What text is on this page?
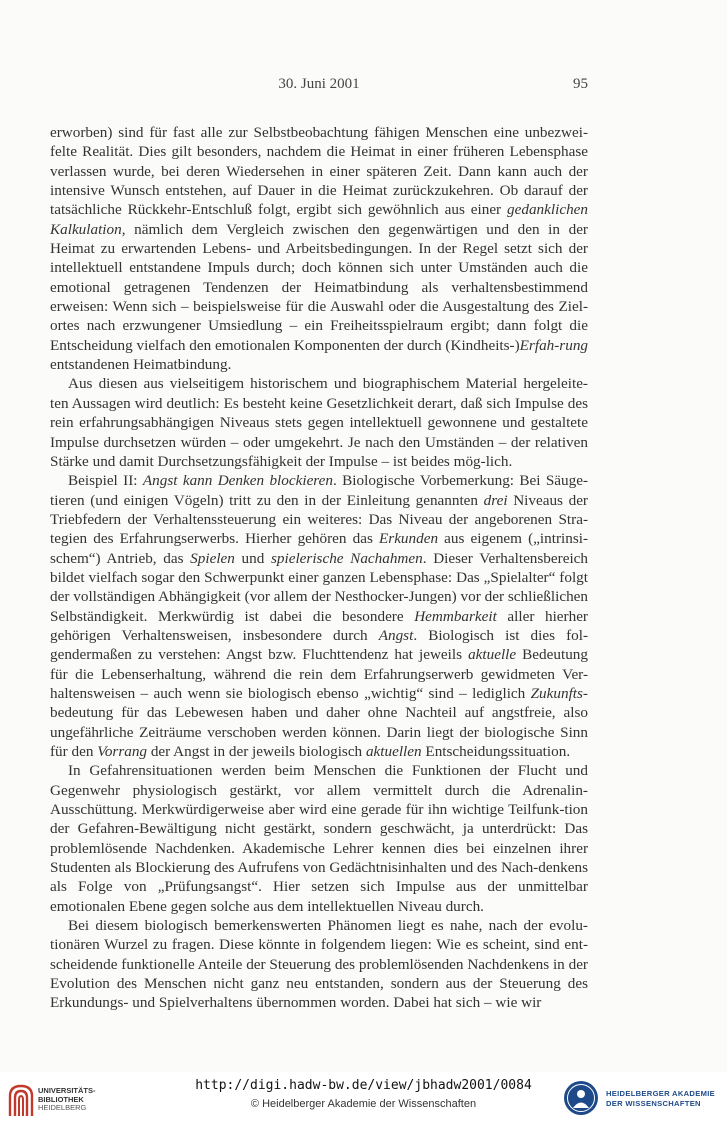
30. Juni 2001	95

erworben) sind für fast alle zur Selbstbeobachtung fähigen Menschen eine unbezwei-felte Realität. Dies gilt besonders, nachdem die Heimat in einer früheren Lebensphase verlassen wurde, bei deren Wiedersehen in einer späteren Zeit. Dann kann auch der intensive Wunsch entstehen, auf Dauer in die Heimat zurückzukehren. Ob darauf der tatsächliche Rückkehr-Entschluß folgt, ergibt sich gewöhnlich aus einer gedanklichen Kalkulation, nämlich dem Vergleich zwischen den gegenwärtigen und den in der Heimat zu erwartenden Lebens- und Arbeitsbedingungen. In der Regel setzt sich der intellektuell entstandene Impuls durch; doch können sich unter Umständen auch die emotional getragenen Tendenzen der Heimatbindung als verhaltensbestimmend erweisen: Wenn sich – beispielsweise für die Auswahl oder die Ausgestaltung des Ziel-ortes nach erzwungener Umsiedlung – ein Freiheitsspielraum ergibt; dann folgt die Entscheidung vielfach den emotionalen Komponenten der durch (Kindheits-)Erfah-rung entstandenen Heimatbindung.

Aus diesen aus vielseitigem historischem und biographischem Material hergeleite-ten Aussagen wird deutlich: Es besteht keine Gesetzlichkeit derart, daß sich Impulse des rein erfahrungsabhängigen Niveaus stets gegen intellektuell gewonnene und gestaltete Impulse durchsetzen würden – oder umgekehrt. Je nach den Umständen – der relativen Stärke und damit Durchsetzungsfähigkeit der Impulse – ist beides mög-lich.

Beispiel II: Angst kann Denken blockieren. Biologische Vorbemerkung: Bei Säuge-tieren (und einigen Vögeln) tritt zu den in der Einleitung genannten drei Niveaus der Triebfedern der Verhaltenssteuerung ein weiteres: Das Niveau der angeborenen Stra-tegien des Erfahrungserwerbs. Hierher gehören das Erkunden aus eigenem („intrinsi-schem“) Antrieb, das Spielen und spielerische Nachahmen. Dieser Verhaltensbereich bildet vielfach sogar den Schwerpunkt einer ganzen Lebensphase: Das „Spielalter“ folgt der vollständigen Abhängigkeit (vor allem der Nesthocker-Jungen) vor der schließlichen Selbständigkeit. Merkwürdig ist dabei die besondere Hemmbarkeit aller hierher gehörigen Verhaltensweisen, insbesondere durch Angst. Biologisch ist dies fol-gendermaßen zu verstehen: Angst bzw. Fluchttendenz hat jeweils aktuelle Bedeutung für die Lebenserhaltung, während die rein dem Erfahrungserwerb gewidmeten Ver-haltensweisen – auch wenn sie biologisch ebenso „wichtig“ sind – lediglich Zukunfts-bedeutung für das Lebewesen haben und daher ohne Nachteil auf angstfreie, also ungefährliche Zeiträume verschoben werden können. Darin liegt der biologische Sinn für den Vorrang der Angst in der jeweils biologisch aktuellen Entscheidungssituation.

In Gefahrensituationen werden beim Menschen die Funktionen der Flucht und Gegenwehr physiologisch gestärkt, vor allem vermittelt durch die Adrenalin-Ausschüttung. Merkwürdigerweise aber wird eine gerade für ihn wichtige Teilfunk-tion der Gefahren-Bewältigung nicht gestärkt, sondern geschwächt, ja unterdrückt: Das problemlösende Nachdenken. Akademische Lehrer kennen dies bei einzelnen ihrer Studenten als Blockierung des Aufrufens von Gedächtnisinhalten und des Nach-denkens als Folge von „Prüfungsangst“. Hier setzen sich Impulse aus der unmittelbar emotionalen Ebene gegen solche aus dem intellektuellen Niveau durch.

Bei diesem biologisch bemerkenswerten Phänomen liegt es nahe, nach der evolu-tionären Wurzel zu fragen. Diese könnte in folgendem liegen: Wie es scheint, sind ent-scheidende funktionelle Anteile der Steuerung des problemlösenden Nachdenkens in der Evolution des Menschen nicht ganz neu entstanden, sondern aus der Steuerung des Erkundungs- und Spielverhaltens übernommen worden. Dabei hat sich – wie wir

UNIVERSITÄTS-
BIBLIOTHEK
HEIDELBERG
http://digi.hadw-bw.de/view/jbhadw2001/0084
© Heidelberger Akademie der Wissenschaften
HEIDELBERGER AKADEMIE
DER WISSENSCHAFTEN
